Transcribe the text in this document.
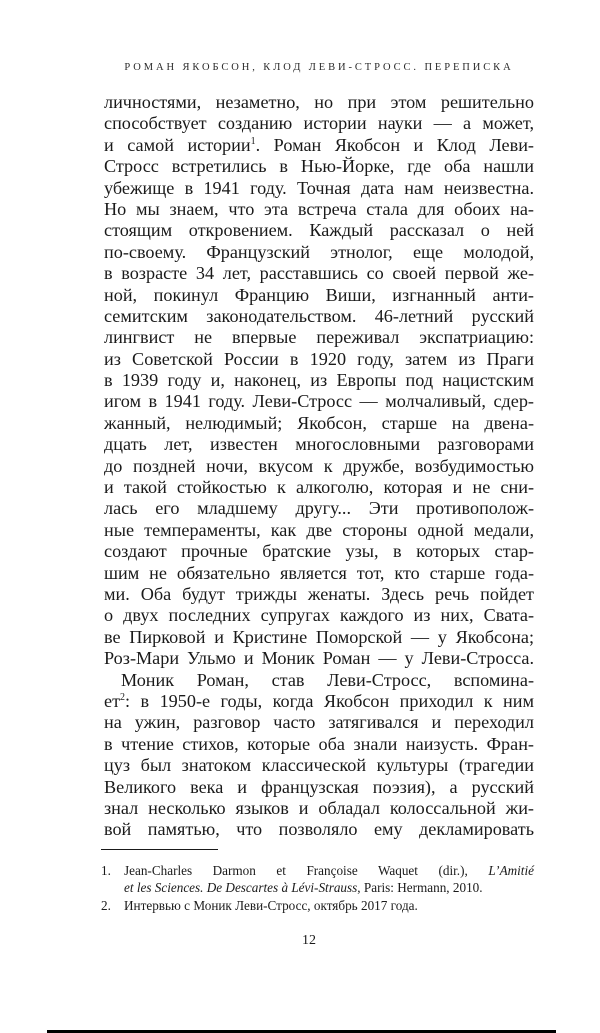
РОМАН ЯКОБСОН, КЛОД ЛЕВИ-СТРОСС. ПЕРЕПИСКА
личностями, незаметно, но при этом решительно
способствует созданию истории науки — а может,
и самой истории$^1$. Роман Якобсон и Клод Леви-
Стросс встретились в Нью-Йорке, где оба нашли
убежище в 1941 году. Точная дата нам неизвестна.
Но мы знаем, что эта встреча стала для обоих на-
стоящим откровением. Каждый рассказал о ней
по-своему. Французский этнолог, еще молодой,
в возрасте 34 лет, расставшись со своей первой же-
ной, покинул Францию Виши, изгнанный анти-
семитским законодательством. 46-летний русский
лингвист не впервые переживал экспатриацию:
из Советской России в 1920 году, затем из Праги
в 1939 году и, наконец, из Европы под нацистским
игом в 1941 году. Леви-Стросс — молчаливый, сдер-
жанный, нелюдимый; Якобсон, старше на двена-
дцать лет, известен многословными разговорами
до поздней ночи, вкусом к дружбе, возбудимостью
и такой стойкостью к алкоголю, которая и не сни-
лась его младшему другу... Эти противополож-
ные темпераменты, как две стороны одной медали,
создают прочные братские узы, в которых стар-
шим не обязательно является тот, кто старше года-
ми. Оба будут трижды женаты. Здесь речь пойдет
о двух последних супругах каждого из них, Свата-
ве Пирковой и Кристине Поморской — у Якобсона;
Роз-Мари Ульмо и Моник Роман — у Леви-Стросса.
Моник Роман, став Леви-Стросс, вспомина-
ет$^2$: в 1950-е годы, когда Якобсон приходил к ним
на ужин, разговор часто затягивался и переходил
в чтение стихов, которые оба знали наизусть. Фран-
цуз был знатоком классической культуры (трагедии
Великого века и французская поэзия), а русский
знал несколько языков и обладал колоссальной жи-
вой памятью, что позволяло ему декламировать
1. Jean-Charles Darmon et Françoise Waquet (dir.), L’Amitié
et les Sciences. De Descartes à Lévi-Strauss, Paris: Hermann, 2010.
2. Интервью с Моник Леви-Стросс, октябрь 2017 года.
12
